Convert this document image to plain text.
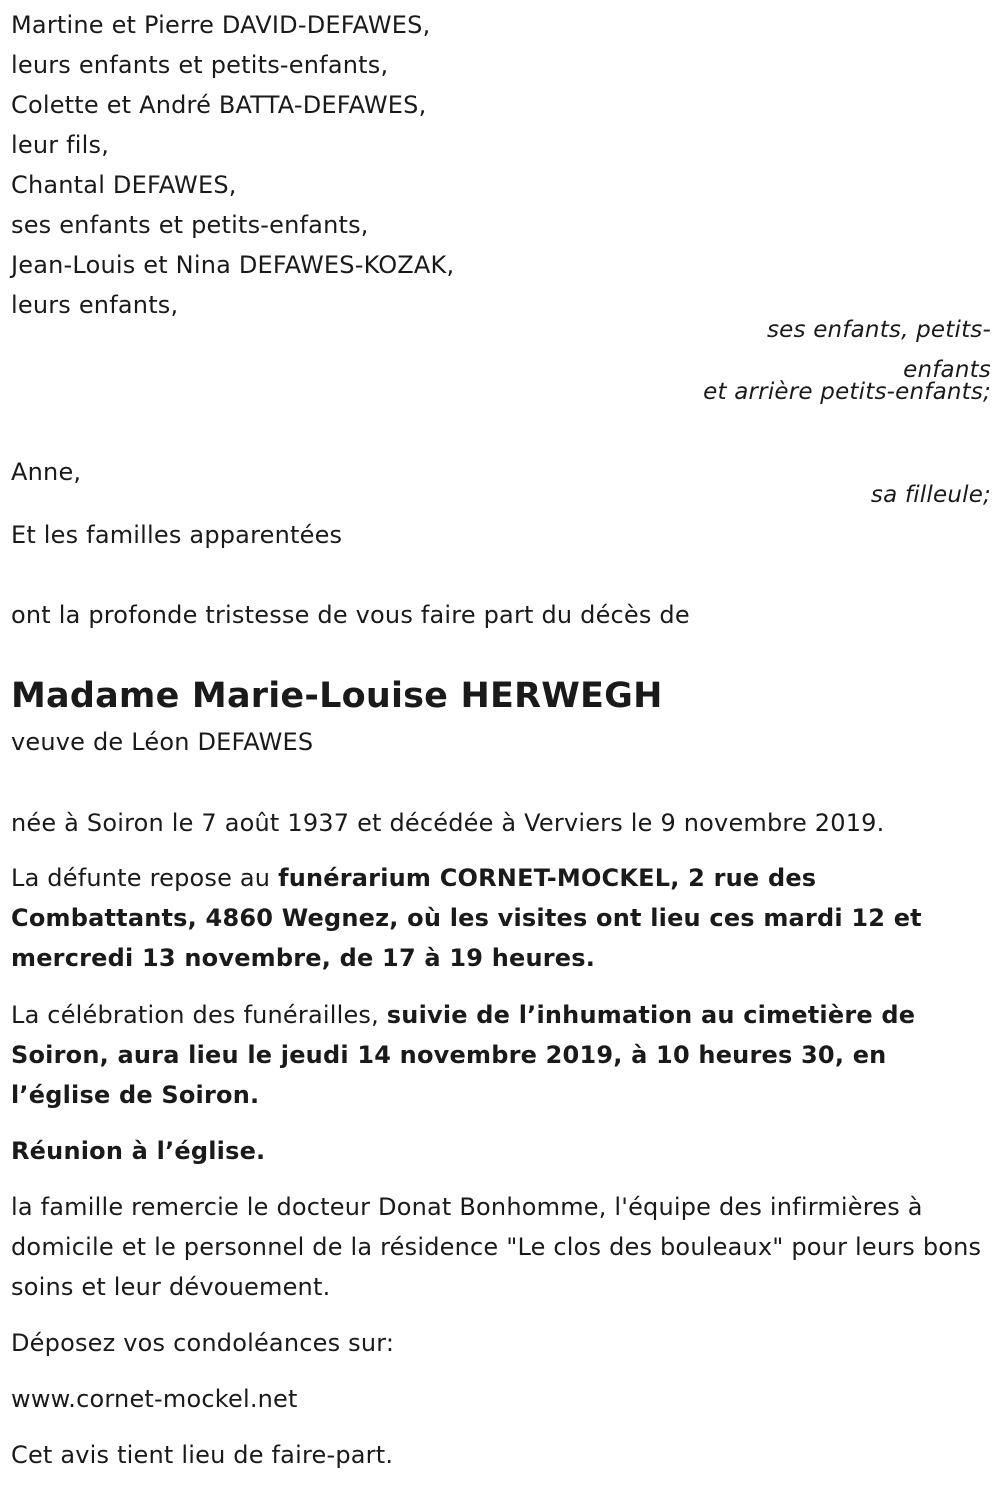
Martine et Pierre DAVID-DEFAWES,
leurs enfants et petits-enfants,
Colette et André BATTA-DEFAWES,
leur fils,
Chantal DEFAWES,
ses enfants et petits-enfants,
Jean-Louis et Nina DEFAWES-KOZAK,
leurs enfants,
ses enfants, petits-enfants
et arrière petits-enfants;
Anne,
sa filleule;
Et les familles apparentées
ont la profonde tristesse de vous faire part du décès de
Madame Marie-Louise HERWEGH
veuve de Léon DEFAWES
née à Soiron le 7 août 1937 et décédée à Verviers le 9 novembre 2019.
La défunte repose au funérarium CORNET-MOCKEL, 2 rue des Combattants, 4860 Wegnez, où les visites ont lieu ces mardi 12 et mercredi 13 novembre, de 17 à 19 heures.
La célébration des funérailles, suivie de l’inhumation au cimetière de Soiron, aura lieu le jeudi 14 novembre 2019, à 10 heures 30, en l’église de Soiron.
Réunion à l’église.
la famille remercie le docteur Donat Bonhomme, l'équipe des infirmières à domicile et le personnel de la résidence "Le clos des bouleaux" pour leurs bons soins et leur dévouement.
Déposez vos condoléances sur:
www.cornet-mockel.net
Cet avis tient lieu de faire-part.
